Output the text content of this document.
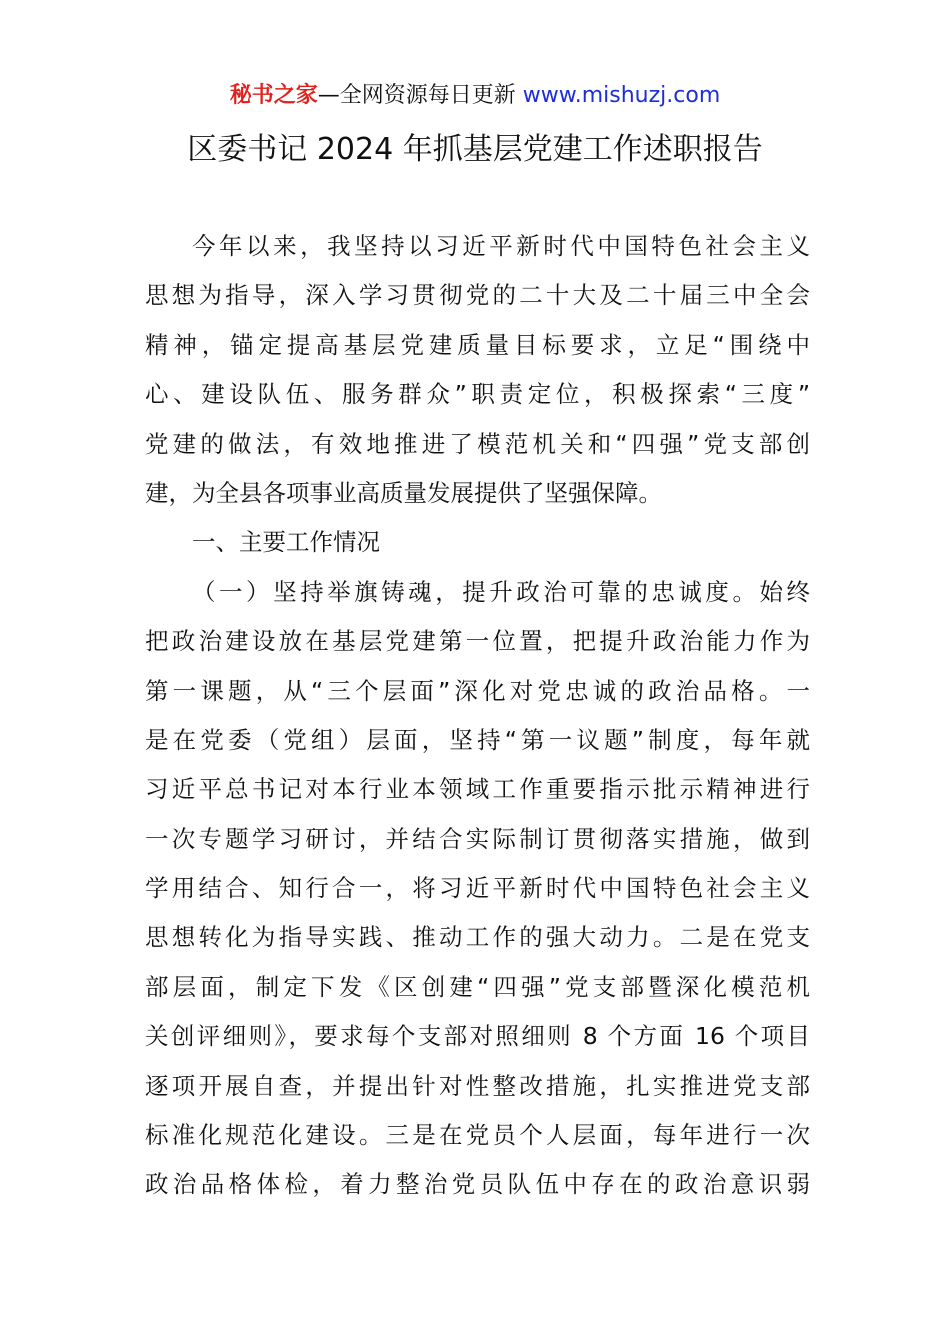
秘书之家—全网资源每日更新 www.mishuzj.com
区委书记 2024 年抓基层党建工作述职报告
今年以来，我坚持以习近平新时代中国特色社会主义
思想为指导，深入学习贯彻党的二十大及二十届三中全会
精神，锚定提高基层党建质量目标要求，立足“围绕中
心、建设队伍、服务群众”职责定位，积极探索“三度”
党建的做法，有效地推进了模范机关和“四强”党支部创
建，为全县各项事业高质量发展提供了坚强保障。
一、主要工作情况
（一）坚持举旗铸魂，提升政治可靠的忠诚度。始终
把政治建设放在基层党建第一位置，把提升政治能力作为
第一课题，从“三个层面”深化对党忠诚的政治品格。一
是在党委（党组）层面，坚持“第一议题”制度，每年就
习近平总书记对本行业本领域工作重要指示批示精神进行
一次专题学习研讨，并结合实际制订贯彻落实措施，做到
学用结合、知行合一，将习近平新时代中国特色社会主义
思想转化为指导实践、推动工作的强大动力。二是在党支
部层面，制定下发《区创建“四强”党支部暨深化模范机
关创评细则》，要求每个支部对照细则 8 个方面 16 个项目
逐项开展自查，并提出针对性整改措施，扎实推进党支部
标准化规范化建设。三是在党员个人层面，每年进行一次
政治品格体检，着力整治党员队伍中存在的政治意识弱
